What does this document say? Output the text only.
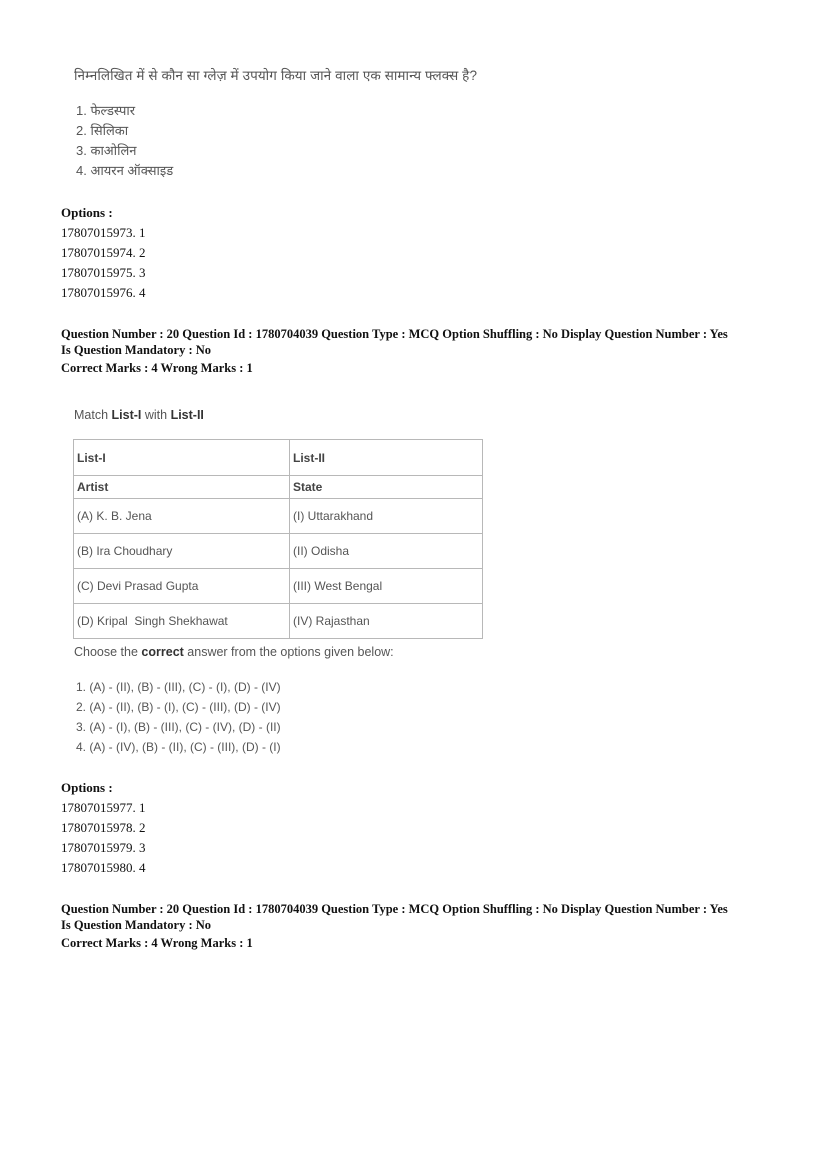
निम्नलिखित में से कौन सा ग्लेज़ में उपयोग किया जाने वाला एक सामान्य फ्लक्स है?
1. फेल्डस्पार
2. सिलिका
3. काओलिन
4. आयरन ऑक्साइड
Options :
17807015973. 1
17807015974. 2
17807015975. 3
17807015976. 4
Question Number : 20 Question Id : 1780704039 Question Type : MCQ Option Shuffling : No Display Question Number : Yes
Is Question Mandatory : No
Correct Marks : 4 Wrong Marks : 1
Match List-I with List-II
List-I	List-II
Artist	State
(A) K. B. Jena	(I) Uttarakhand
(B) Ira Choudhary	(II) Odisha
(C) Devi Prasad Gupta	(III) West Bengal
(D) Kripal  Singh Shekhawat	(IV) Rajasthan
Choose the correct answer from the options given below:
1. (A) - (II), (B) - (III), (C) - (I), (D) - (IV)
2. (A) - (II), (B) - (I), (C) - (III), (D) - (IV)
3. (A) - (I), (B) - (III), (C) - (IV), (D) - (II)
4. (A) - (IV), (B) - (II), (C) - (III), (D) - (I)
Options :
17807015977. 1
17807015978. 2
17807015979. 3
17807015980. 4
Question Number : 20 Question Id : 1780704039 Question Type : MCQ Option Shuffling : No Display Question Number : Yes
Is Question Mandatory : No
Correct Marks : 4 Wrong Marks : 1
